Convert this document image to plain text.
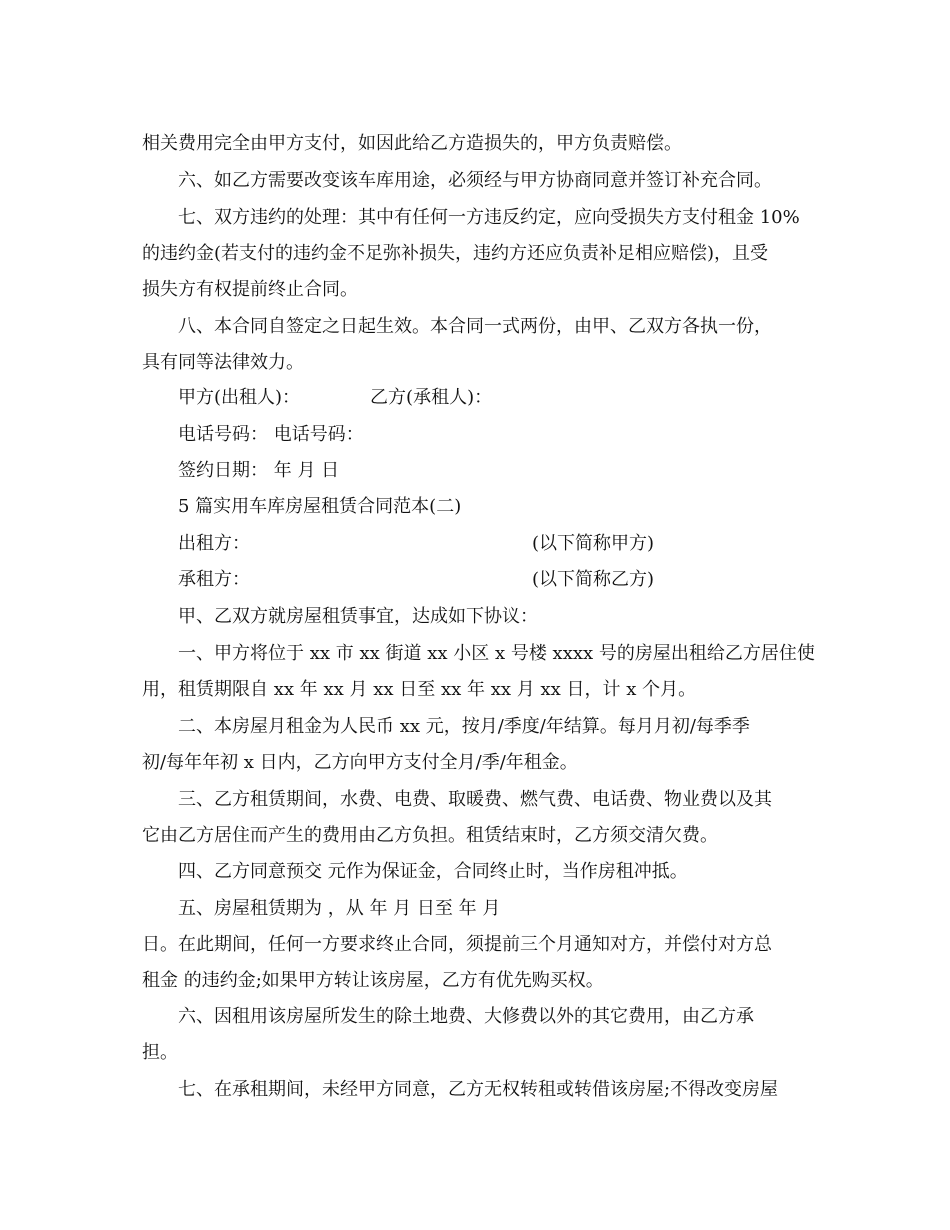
相关费用完全由甲方支付，如因此给乙方造损失的，甲方负责赔偿。
六、如乙方需要改变该车库用途，必须经与甲方协商同意并签订补充合同。
七、双方违约的处理：其中有任何一方违反约定，应向受损失方支付租金 10%
的违约金(若支付的违约金不足弥补损失，违约方还应负责补足相应赔偿)，且受
损失方有权提前终止合同。
八、本合同自签定之日起生效。本合同一式两份，由甲、乙双方各执一份，
具有同等法律效力。
甲方(出租人)：	乙方(承租人)：
电话号码： 电话号码：
签约日期： 年 月 日
5 篇实用车库房屋租赁合同范本(二)
出租方：	(以下简称甲方)
承租方：	(以下简称乙方)
甲、乙双方就房屋租赁事宜，达成如下协议：
一、甲方将位于 xx 市 xx 街道 xx 小区 x 号楼 xxxx 号的房屋出租给乙方居住使
用，租赁期限自 xx 年 xx 月 xx 日至 xx 年 xx 月 xx 日，计 x 个月。
二、本房屋月租金为人民币 xx 元，按月/季度/年结算。每月月初/每季季
初/每年年初 x 日内，乙方向甲方支付全月/季/年租金。
三、乙方租赁期间，水费、电费、取暖费、燃气费、电话费、物业费以及其
它由乙方居住而产生的费用由乙方负担。租赁结束时，乙方须交清欠费。
四、乙方同意预交 元作为保证金，合同终止时，当作房租冲抵。
五、房屋租赁期为 ，从 年 月 日至 年 月
日。在此期间，任何一方要求终止合同，须提前三个月通知对方，并偿付对方总
租金 的违约金;如果甲方转让该房屋，乙方有优先购买权。
六、因租用该房屋所发生的除土地费、大修费以外的其它费用，由乙方承
担。
七、在承租期间，未经甲方同意，乙方无权转租或转借该房屋;不得改变房屋
